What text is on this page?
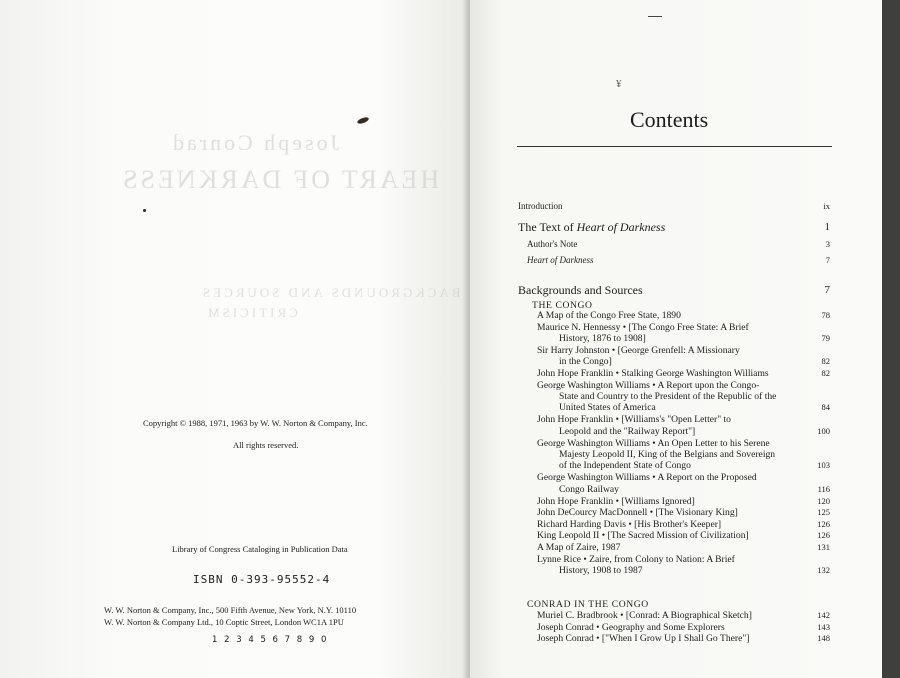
Joseph Conrad
HEART OF DARKNESS
BACKGROUNDS AND SOURCES
CRITICISM
Copyright © 1988, 1971, 1963 by W. W. Norton & Company, Inc.
All rights reserved.
Library of Congress Cataloging in Publication Data
ISBN 0-393-95552-4
W. W. Norton & Company, Inc., 500 Fifth Avenue, New York, N.Y. 10110
W. W. Norton & Company Ltd., 10 Coptic Street, London WC1A 1PU
1 2 3 4 5 6 7 8 9 0
¥
Contents
Introduction	ix
The Text of Heart of Darkness	1
Author's Note	3
Heart of Darkness	7
Backgrounds and Sources	7
THE CONGO
A Map of the Congo Free State, 1890	78
Maurice N. Hennessy • [The Congo Free State: A Brief
History, 1876 to 1908]	79
Sir Harry Johnston • [George Grenfell: A Missionary
in the Congo]	82
John Hope Franklin • Stalking George Washington Williams	82
George Washington Williams • A Report upon the Congo-
State and Country to the President of the Republic of the
United States of America	84
John Hope Franklin • [Williams's "Open Letter" to
Leopold and the "Railway Report"]	100
George Washington Williams • An Open Letter to his Serene
Majesty Leopold II, King of the Belgians and Sovereign
of the Independent State of Congo	103
George Washington Williams • A Report on the Proposed
Congo Railway	116
John Hope Franklin • [Williams Ignored]	120
John DeCourcy MacDonnell • [The Visionary King]	125
Richard Harding Davis • [His Brother's Keeper]	126
King Leopold II • [The Sacred Mission of Civilization]	126
A Map of Zaire, 1987	131
Lynne Rice • Zaire, from Colony to Nation: A Brief
History, 1908 to 1987	132
CONRAD IN THE CONGO
Muriel C. Bradbrook • [Conrad: A Biographical Sketch]	142
Joseph Conrad • Geography and Some Explorers	143
Joseph Conrad • ["When I Grow Up I Shall Go There"]	148
